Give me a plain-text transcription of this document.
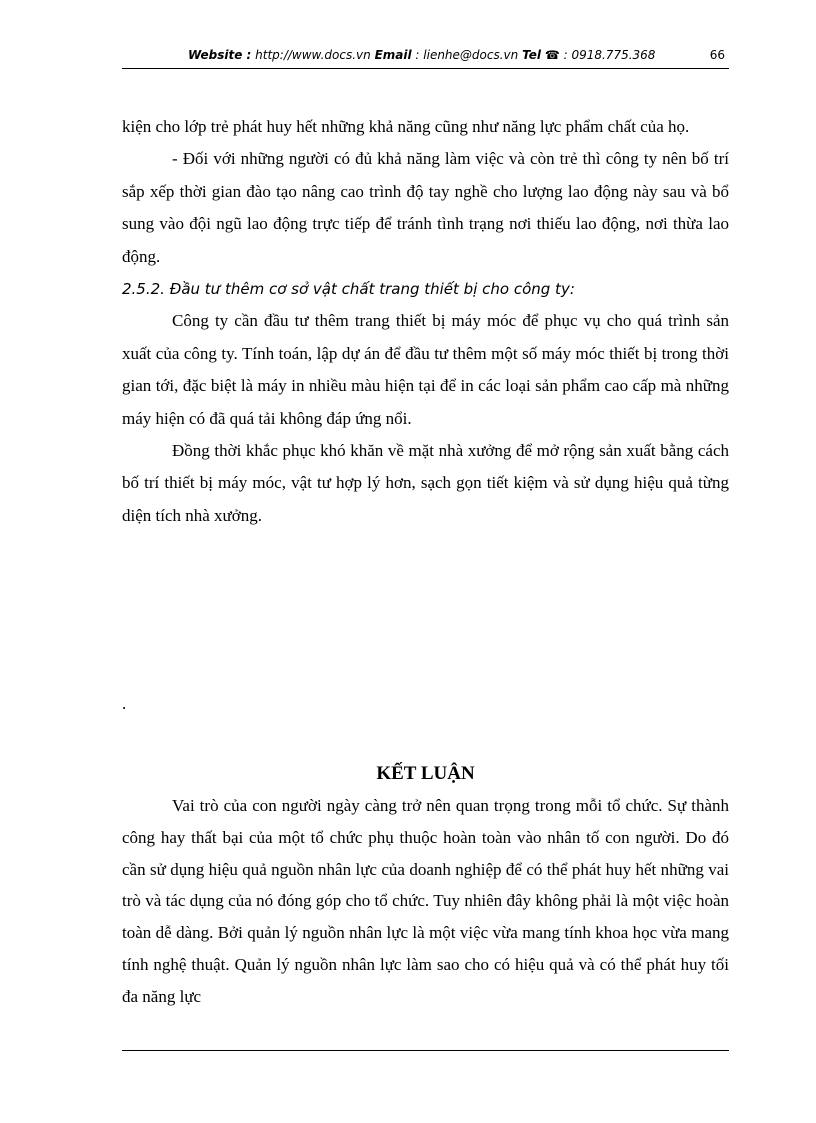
Website : http://www.docs.vn Email : lienhe@docs.vn Tel ☎ : 0918.775.368	66

kiện cho lớp trẻ phát huy hết những khả năng cũng như năng lực phẩm chất của họ.

- Đối với những người có đủ khả năng làm việc và còn trẻ thì công ty nên bố trí sắp xếp thời gian đào tạo nâng cao trình độ tay nghề cho lượng lao động này sau và bổ sung vào đội ngũ lao động trực tiếp để tránh tình trạng nơi thiếu lao động, nơi thừa lao động.

2.5.2. Đầu tư thêm cơ sở vật chất trang thiết bị cho công ty:

Công ty cần đầu tư thêm trang thiết bị máy móc để phục vụ cho quá trình sản xuất của công ty. Tính toán, lập dự án để đầu tư thêm một số máy móc thiết bị trong thời gian tới, đặc biệt là máy in nhiều màu hiện tại để in các loại sản phẩm cao cấp mà những máy hiện có đã quá tải không đáp ứng nổi.

Đồng thời khắc phục khó khăn về mặt nhà xưởng để mở rộng sản xuất bằng cách bố trí thiết bị máy móc, vật tư hợp lý hơn, sạch gọn tiết kiệm và sử dụng hiệu quả từng diện tích nhà xưởng.

.
KẾT LUẬN

Vai trò của con người ngày càng trở nên quan trọng trong mỗi tổ chức. Sự thành công hay thất bại của một tổ chức phụ thuộc hoàn toàn vào nhân tố con người. Do đó cần sử dụng hiệu quả nguồn nhân lực của doanh nghiệp để có thể phát huy hết những vai trò và tác dụng của nó đóng góp cho tổ chức. Tuy nhiên đây không phải là một việc hoàn toàn dễ dàng. Bởi quản lý nguồn nhân lực là một việc vừa mang tính khoa học vừa mang tính nghệ thuật. Quản lý nguồn nhân lực làm sao cho có hiệu quả và có thể phát huy tối đa năng lực
